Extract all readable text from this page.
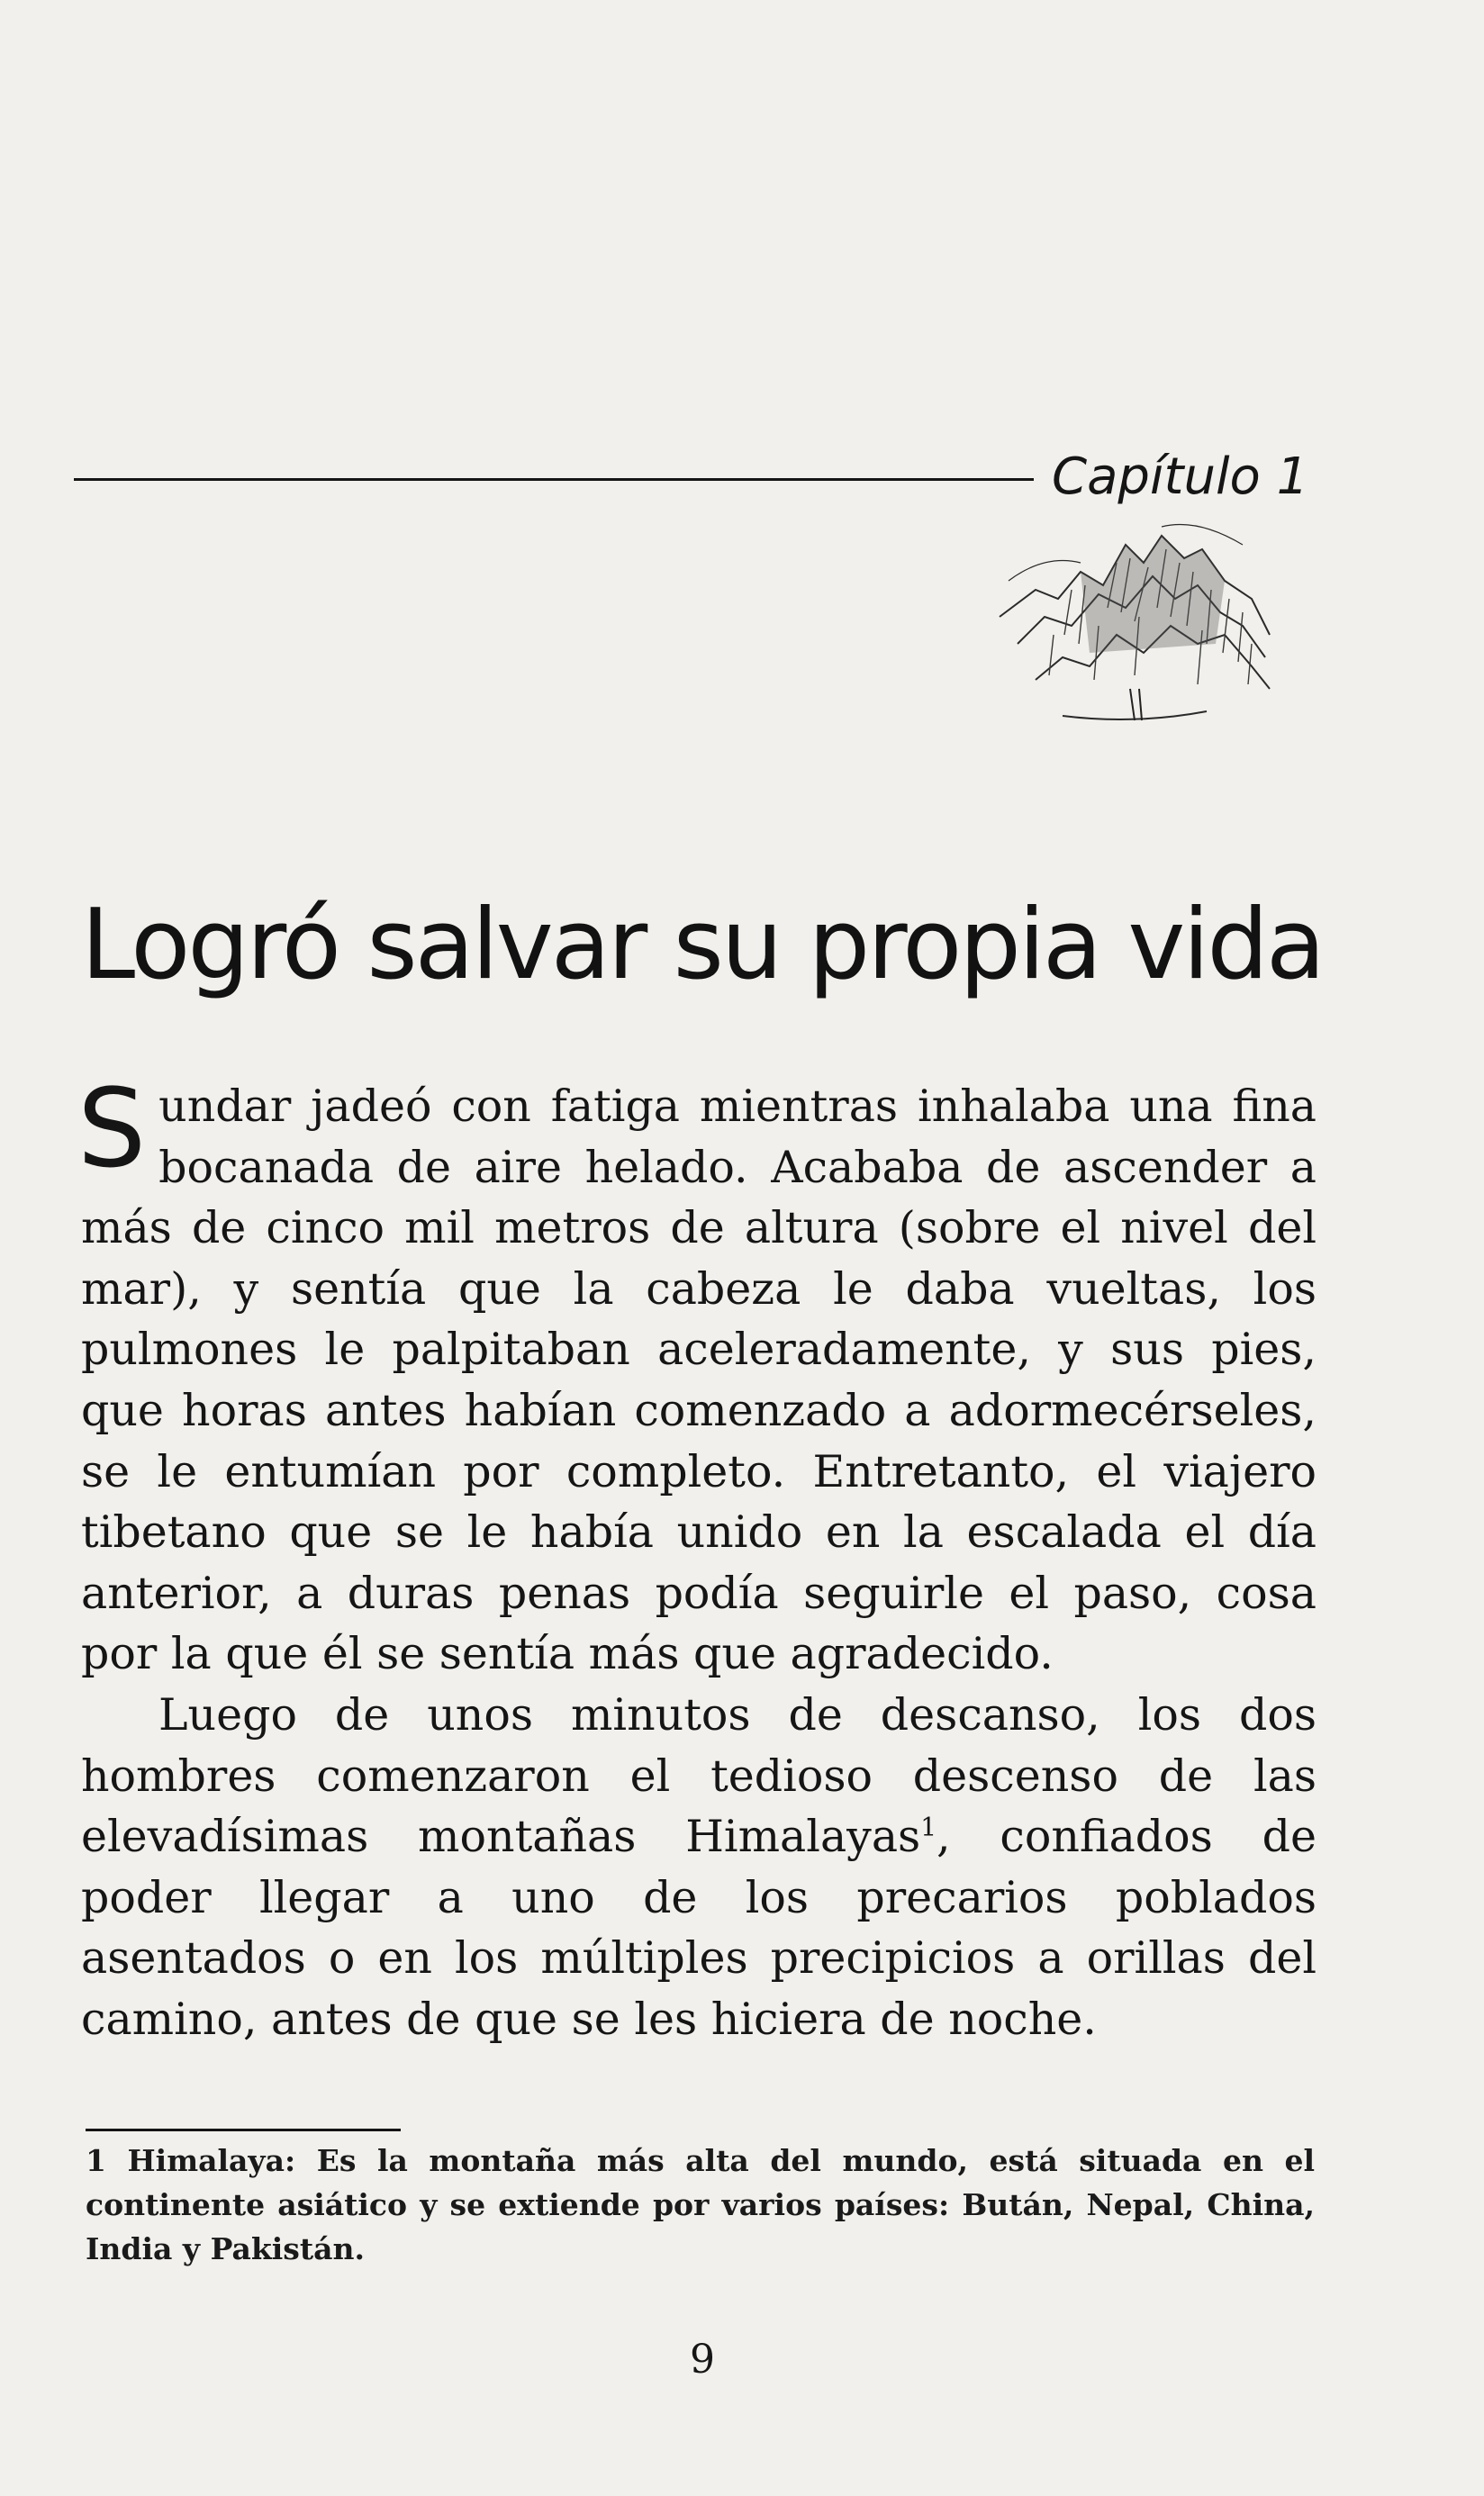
Capítulo 1
Logró salvar su propia vida

Sundar jadeó con fatiga mientras inhalaba una fina bocanada de aire helado. Acababa de ascender a más de cinco mil metros de altura (sobre el nivel del mar), y sentía que la cabeza le daba vueltas, los pulmones le palpitaban aceleradamente, y sus pies, que horas antes habían comenzado a adormecérseles, se le entumían por completo. Entretanto, el viajero tibetano que se le había unido en la escalada el día anterior, a duras penas podía seguirle el paso, cosa por la que él se sentía más que agradecido.

Luego de unos minutos de descanso, los dos hombres comenzaron el tedioso descenso de las elevadísimas montañas Himalayas$^1$, confiados de poder llegar a uno de los precarios poblados asentados o en los múltiples precipicios a orillas del camino, antes de que se les hiciera de noche.

1 Himalaya: Es la montaña más alta del mundo, está situada en el continente asiático y se extiende por varios países: Bután, Nepal, China, India y Pakistán.

9
